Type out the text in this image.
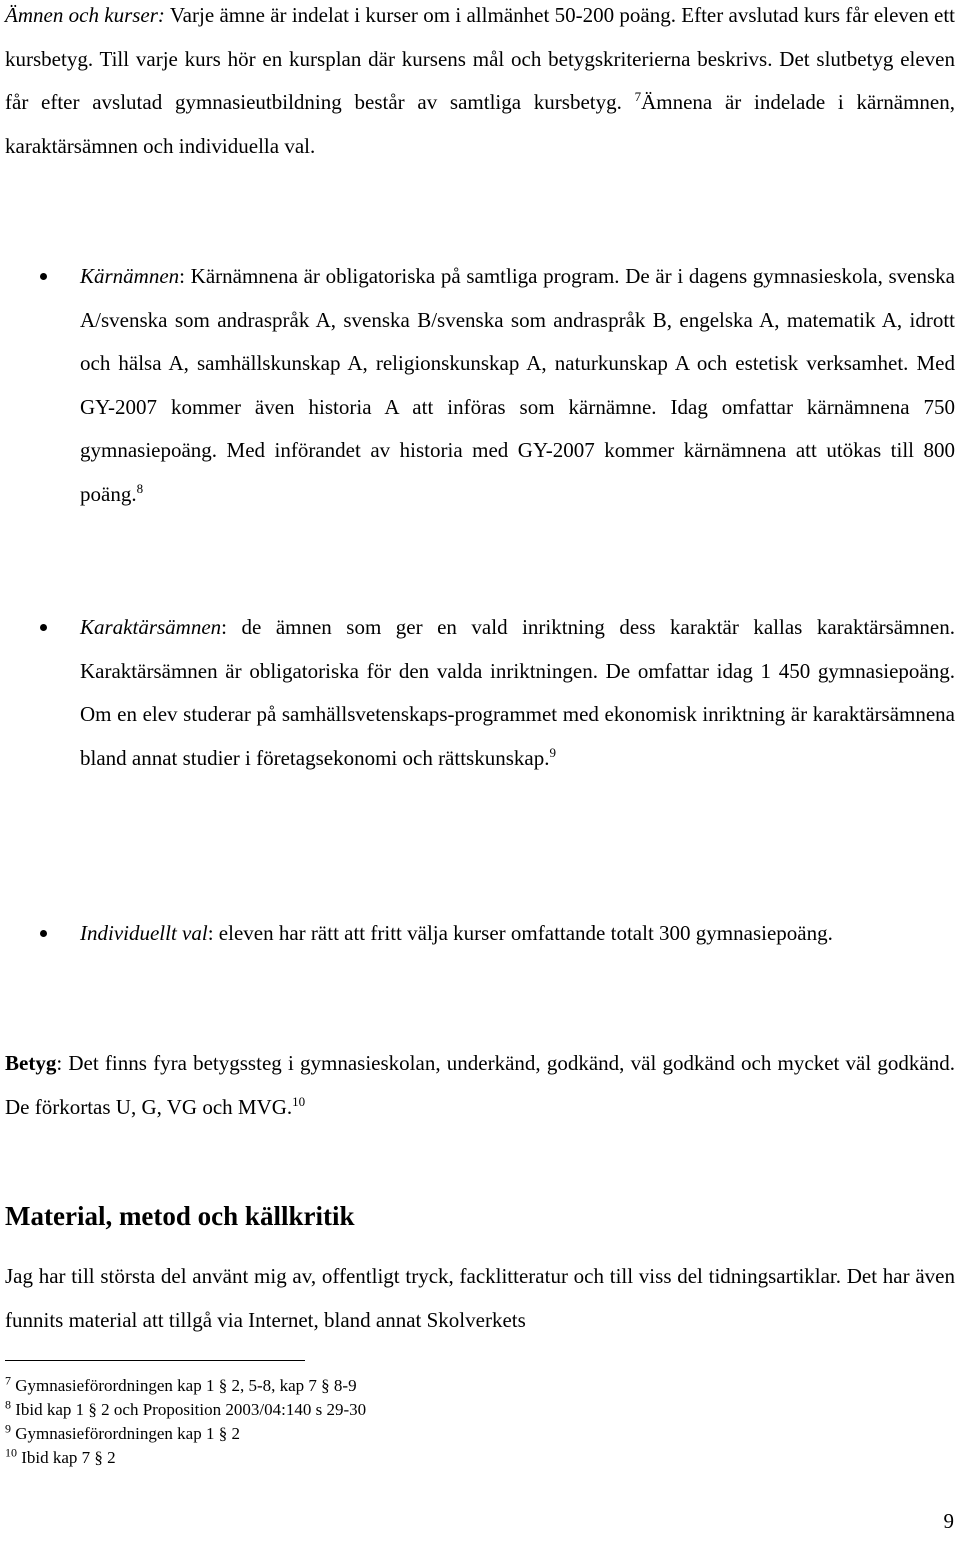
Ämnen och kurser: Varje ämne är indelat i kurser om i allmänhet 50-200 poäng. Efter avslutad kurs får eleven ett kursbetyg. Till varje kurs hör en kursplan där kursens mål och betygskriterierna beskrivs. Det slutbetyg eleven får efter avslutad gymnasieutbildning består av samtliga kursbetyg. $^7$Ämnena är indelade i kärnämnen, karaktärsämnen och individuella val.

Kärnämnen: Kärnämnena är obligatoriska på samtliga program. De är i dagens gymnasieskola, svenska A/svenska som andraspråk A, svenska B/svenska som andraspråk B, engelska A, matematik A, idrott och hälsa A, samhällskunskap A, religionskunskap A, naturkunskap A och estetisk verksamhet. Med GY-2007 kommer även historia A att införas som kärnämne. Idag omfattar kärnämnena 750 gymnasiepoäng. Med införandet av historia med GY-2007 kommer kärnämnena att utökas till 800 poäng.$^8$

Karaktärsämnen: de ämnen som ger en vald inriktning dess karaktär kallas karaktärsämnen. Karaktärsämnen är obligatoriska för den valda inriktningen. De omfattar idag 1 450 gymnasiepoäng. Om en elev studerar på samhällsvetenskaps-programmet med ekonomisk inriktning är karaktärsämnena bland annat studier i företagsekonomi och rättskunskap.$^9$

Individuellt val: eleven har rätt att fritt välja kurser omfattande totalt 300 gymnasiepoäng.

Betyg: Det finns fyra betygssteg i gymnasieskolan, underkänd, godkänd, väl godkänd och mycket väl godkänd. De förkortas U, G, VG och MVG.$^{10}$

Material, metod och källkritik

Jag har till största del använt mig av, offentligt tryck, facklitteratur och till viss del tidningsartiklar. Det har även funnits material att tillgå via Internet, bland annat Skolverkets

$^7$ Gymnasieförordningen kap 1 § 2, 5-8, kap 7 § 8-9
$^8$ Ibid kap 1 § 2 och Proposition 2003/04:140 s 29-30
$^9$ Gymnasieförordningen kap 1 § 2
$^{10}$ Ibid kap 7 § 2
9
